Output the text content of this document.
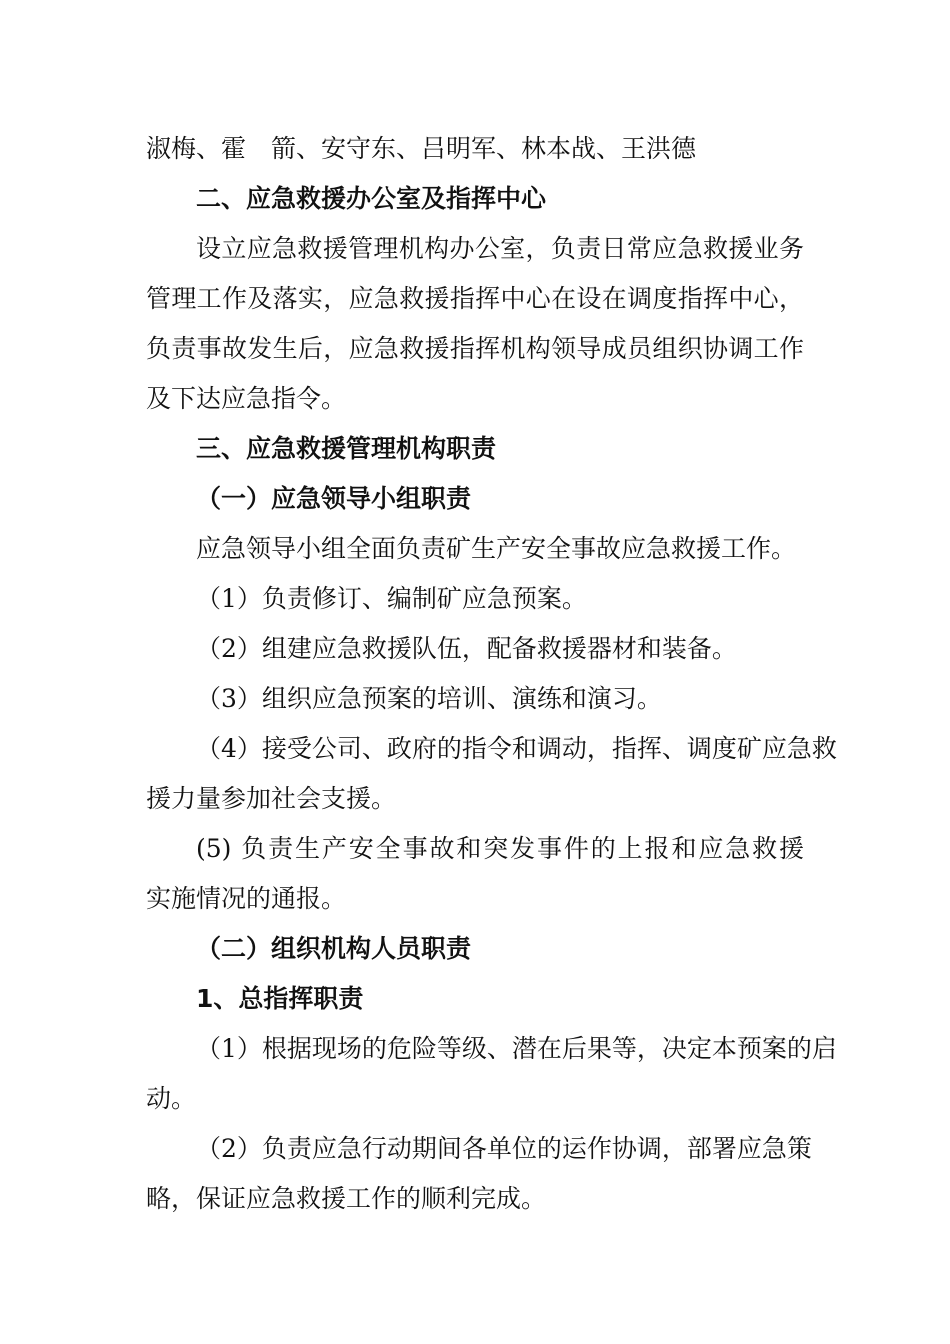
淑梅、霍　箭、安守东、吕明军、林本战、王洪德
二、应急救援办公室及指挥中心
设立应急救援管理机构办公室，负责日常应急救援业务
管理工作及落实，应急救援指挥中心在设在调度指挥中心，
负责事故发生后，应急救援指挥机构领导成员组织协调工作
及下达应急指令。
三、应急救援管理机构职责
（一）应急领导小组职责
应急领导小组全面负责矿生产安全事故应急救援工作。
（1）负责修订、编制矿应急预案。
（2）组建应急救援队伍，配备救援器材和装备。
（3）组织应急预案的培训、演练和演习。
（4）接受公司、政府的指令和调动，指挥、调度矿应急救
援力量参加社会支援。
(5) 负责生产安全事故和突发事件的上报和应急救援
实施情况的通报。
（二）组织机构人员职责
1、总指挥职责
（1）根据现场的危险等级、潜在后果等，决定本预案的启
动。
（2）负责应急行动期间各单位的运作协调，部署应急策
略，保证应急救援工作的顺利完成。
